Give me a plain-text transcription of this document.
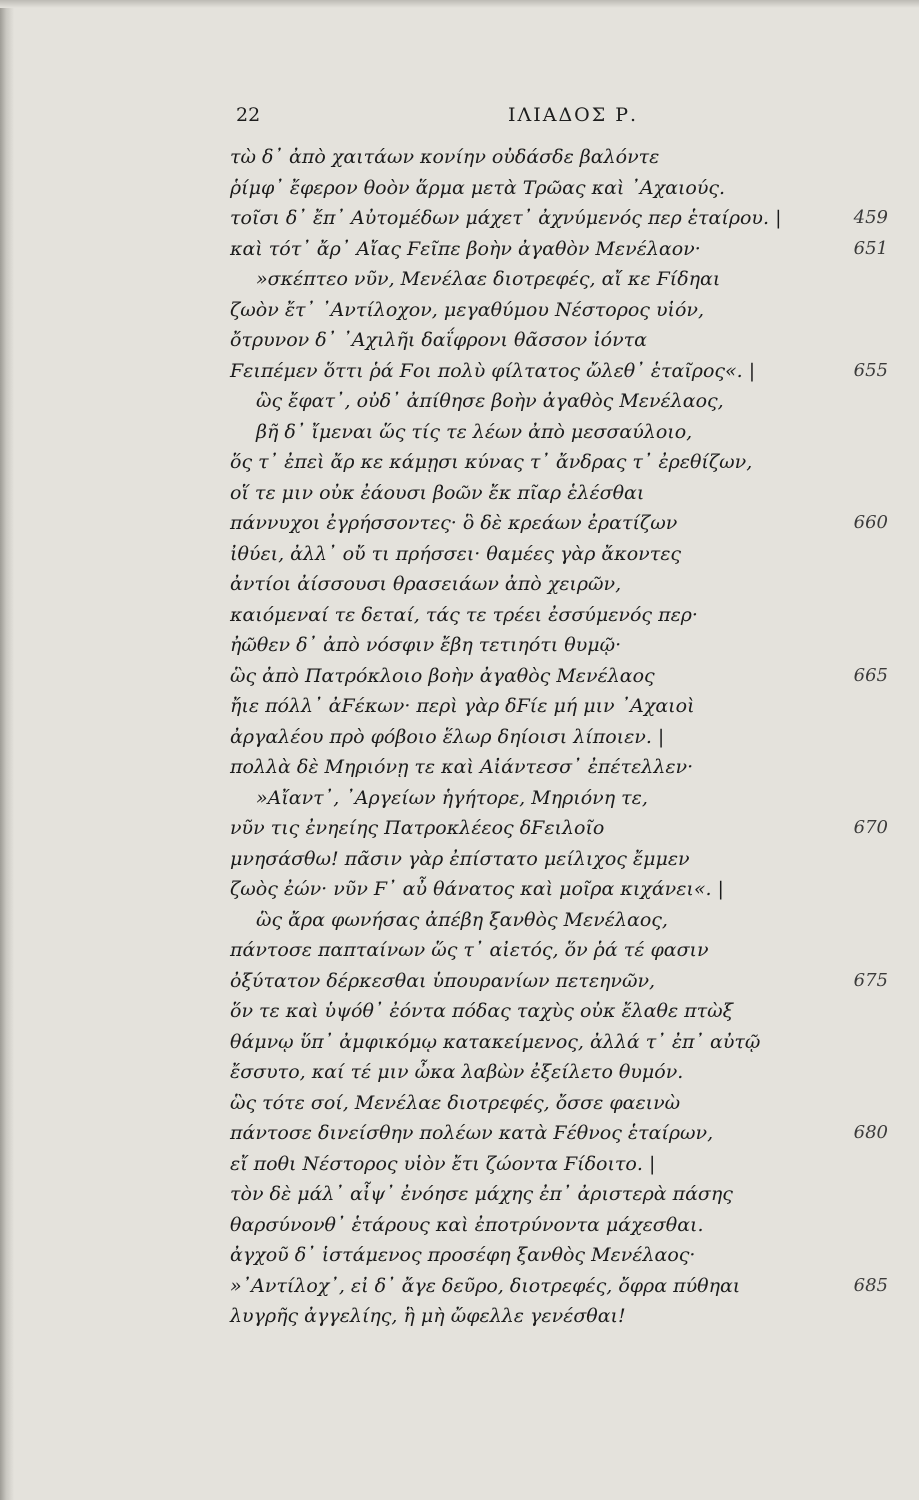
22	ΙΛΙΑΔΟΣ Ρ.
τὼ δ᾽ ἀπὸ χαιτάων κονίην οὐδάσδε βαλόντε
ῥίμφ᾽ ἔφερον θοὸν ἅρμα μετὰ Τρῶας καὶ ᾽Αχαιούς.
τοῖσι δ᾽ ἔπ᾽ Αὐτομέδων μάχετ᾽ ἀχνύμενός περ ἑταίρου. |	459
καὶ τότ᾽ ἄρ᾽ Αἴας Ϝεῖπε βοὴν ἀγαθὸν Μενέλαον·	651
»σκέπτεο νῦν, Μενέλαε διοτρεφές, αἴ κε Ϝίδηαι
ζωὸν ἔτ᾽ ᾽Αντίλοχον, μεγαθύμου Νέστορος υἱόν,
ὄτρυνον δ᾽ ᾽Αχιλῆι δαΐφρονι θᾶσσον ἰόντα
Ϝειπέμεν ὅττι ῥά Ϝοι πολὺ φίλτατος ὤλεθ᾽ ἑταῖρος«. |	655
ὣς ἔφατ᾽, οὐδ᾽ ἀπίθησε βοὴν ἀγαθὸς Μενέλαος,
βῆ δ᾽ ἴμεναι ὥς τίς τε λέων ἀπὸ μεσσαύλοιο,
ὅς τ᾽ ἐπεὶ ἄρ κε κάμῃσι κύνας τ᾽ ἄνδρας τ᾽ ἐρεθίζων,
οἵ τε μιν οὐκ ἐάουσι βοῶν ἔκ πῖαρ ἑλέσθαι
πάννυχοι ἐγρήσσοντες· ὃ δὲ κρεάων ἐρατίζων	660
ἰθύει, ἀλλ᾽ οὔ τι πρήσσει· θαμέες γὰρ ἄκοντες
ἀντίοι ἀίσσουσι θρασειάων ἀπὸ χειρῶν,
καιόμεναί τε δεταί, τάς τε τρέει ἐσσύμενός περ·
ἠῶθεν δ᾽ ἀπὸ νόσφιν ἔβη τετιηότι θυμῷ·
ὣς ἀπὸ Πατρόκλοιο βοὴν ἀγαθὸς Μενέλαος	665
ἤιε πόλλ᾽ ἀϜέκων· περὶ γὰρ δϜίε μή μιν ᾽Αχαιοὶ
ἀργαλέου πρὸ φόβοιο ἕλωρ δηίοισι λίποιεν. |
πολλὰ δὲ Μηριόνῃ τε καὶ Αἰάντεσσ᾽ ἐπέτελλεν·
»Αἴαντ᾽, ᾽Αργείων ἡγήτορε, Μηριόνη τε,
νῦν τις ἐνηείης Πατροκλέεος δϜειλοῖο	670
μνησάσθω! πᾶσιν γὰρ ἐπίστατο μείλιχος ἔμμεν
ζωὸς ἐών· νῦν Ϝ᾽ αὖ θάνατος καὶ μοῖρα κιχάνει«. |
ὣς ἄρα φωνήσας ἀπέβη ξανθὸς Μενέλαος,
πάντοσε παπταίνων ὥς τ᾽ αἰετός, ὅν ῥά τέ φασιν
ὀξύτατον δέρκεσθαι ὑπουρανίων πετεηνῶν,	675
ὅν τε καὶ ὑψόθ᾽ ἐόντα πόδας ταχὺς οὐκ ἔλαθε πτὼξ
θάμνῳ ὕπ᾽ ἀμφικόμῳ κατακείμενος, ἀλλά τ᾽ ἐπ᾽ αὐτῷ
ἔσσυτο, καί τέ μιν ὦκα λαβὼν ἐξείλετο θυμόν.
ὣς τότε σοί, Μενέλαε διοτρεφές, ὄσσε φαεινὼ
πάντοσε δινείσθην πολέων κατὰ Ϝέθνος ἑταίρων,	680
εἴ ποθι Νέστορος υἱὸν ἔτι ζώοντα Ϝίδοιτο. |
τὸν δὲ μάλ᾽ αἶψ᾽ ἐνόησε μάχης ἐπ᾽ ἀριστερὰ πάσης
θαρσύνονθ᾽ ἑτάρους καὶ ἐποτρύνοντα μάχεσθαι.
ἀγχοῦ δ᾽ ἱστάμενος προσέφη ξανθὸς Μενέλαος·
»᾽Αντίλοχ᾽, εἰ δ᾽ ἄγε δεῦρο, διοτρεφές, ὄφρα πύθηαι	685
λυγρῆς ἀγγελίης, ἣ μὴ ὤφελλε γενέσθαι!
